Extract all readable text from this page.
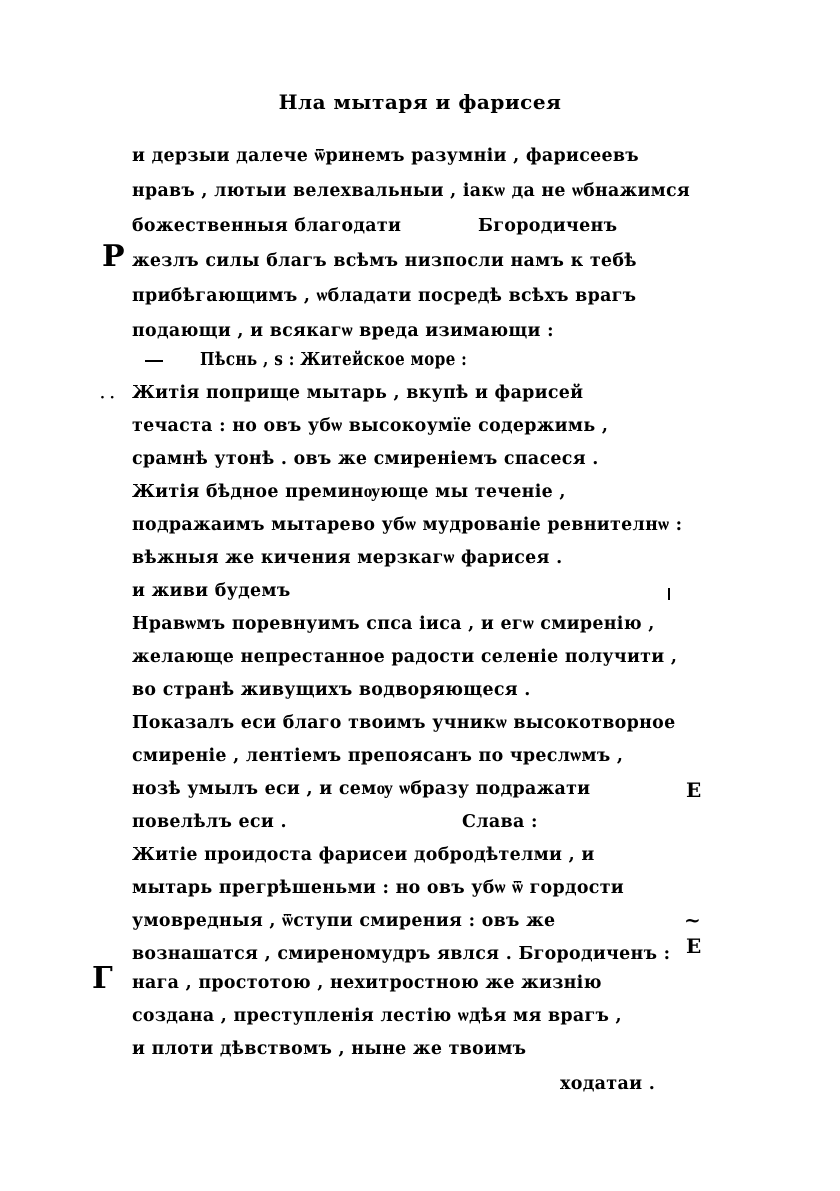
Нла мытаря и фарисея
и дерзыи далече ѿринемъ разумніи , фарисеевъ
нравъ , лютыи велехвальныи , іакѡ да не ѡбнажимся
божественныя благодати	Бгородиченъ
Р жезлъ силы благъ всѣмъ низпосли намъ к тебѣ
прибѣгающимъ , ѡбладати посредѣ всѣхъ врагъ
подающи , и всякагѡ вреда изимающи :
Пѣснь , ѕ : Житейское море :
· · Житія поприще мытарь , вкупѣ и фарисей
течаста : но овъ убѡ высокоумїе содержимь ,
срамнѣ утонѣ . овъ же смиреніемъ спасеся .
Житія бѣдное преминѹюще мы теченіе ,
подражаимъ мытарево убѡ мудрованіе ревнителнѡ :
вѣжныя же кичения мерзкагѡ фарисея .
и живи будемъ
Нравѡмъ поревнуимъ спса іиса , и егѡ смиренію ,
желающе непрестанное радости селеніе получити ,
во странѣ живущихъ водворяющеся .
Показалъ еси благо твоимъ учникѡ высокотворное
смиреніе , лентіемъ препоясанъ по чреслѡмъ ,
нозѣ умылъ еси , и семѹ ѡбразу подражати	Е
повелѣлъ еси .	Слава :
Житіе проидоста фарисеи добродѣтелми , и
мытарь прегрѣшеньми : но овъ убѡ ѿ гордости
умовредныя , ѿступи смирения : овъ же	~
вознашатся , смиреномудръ явлся . Бгородиченъ : Е
Г нага , простотою , нехитростною же жизнію
создана , преступленія лестію ѡдѣя мя врагъ ,
и плоти дѣвствомъ , ныне же твоимъ
ходатаи .
